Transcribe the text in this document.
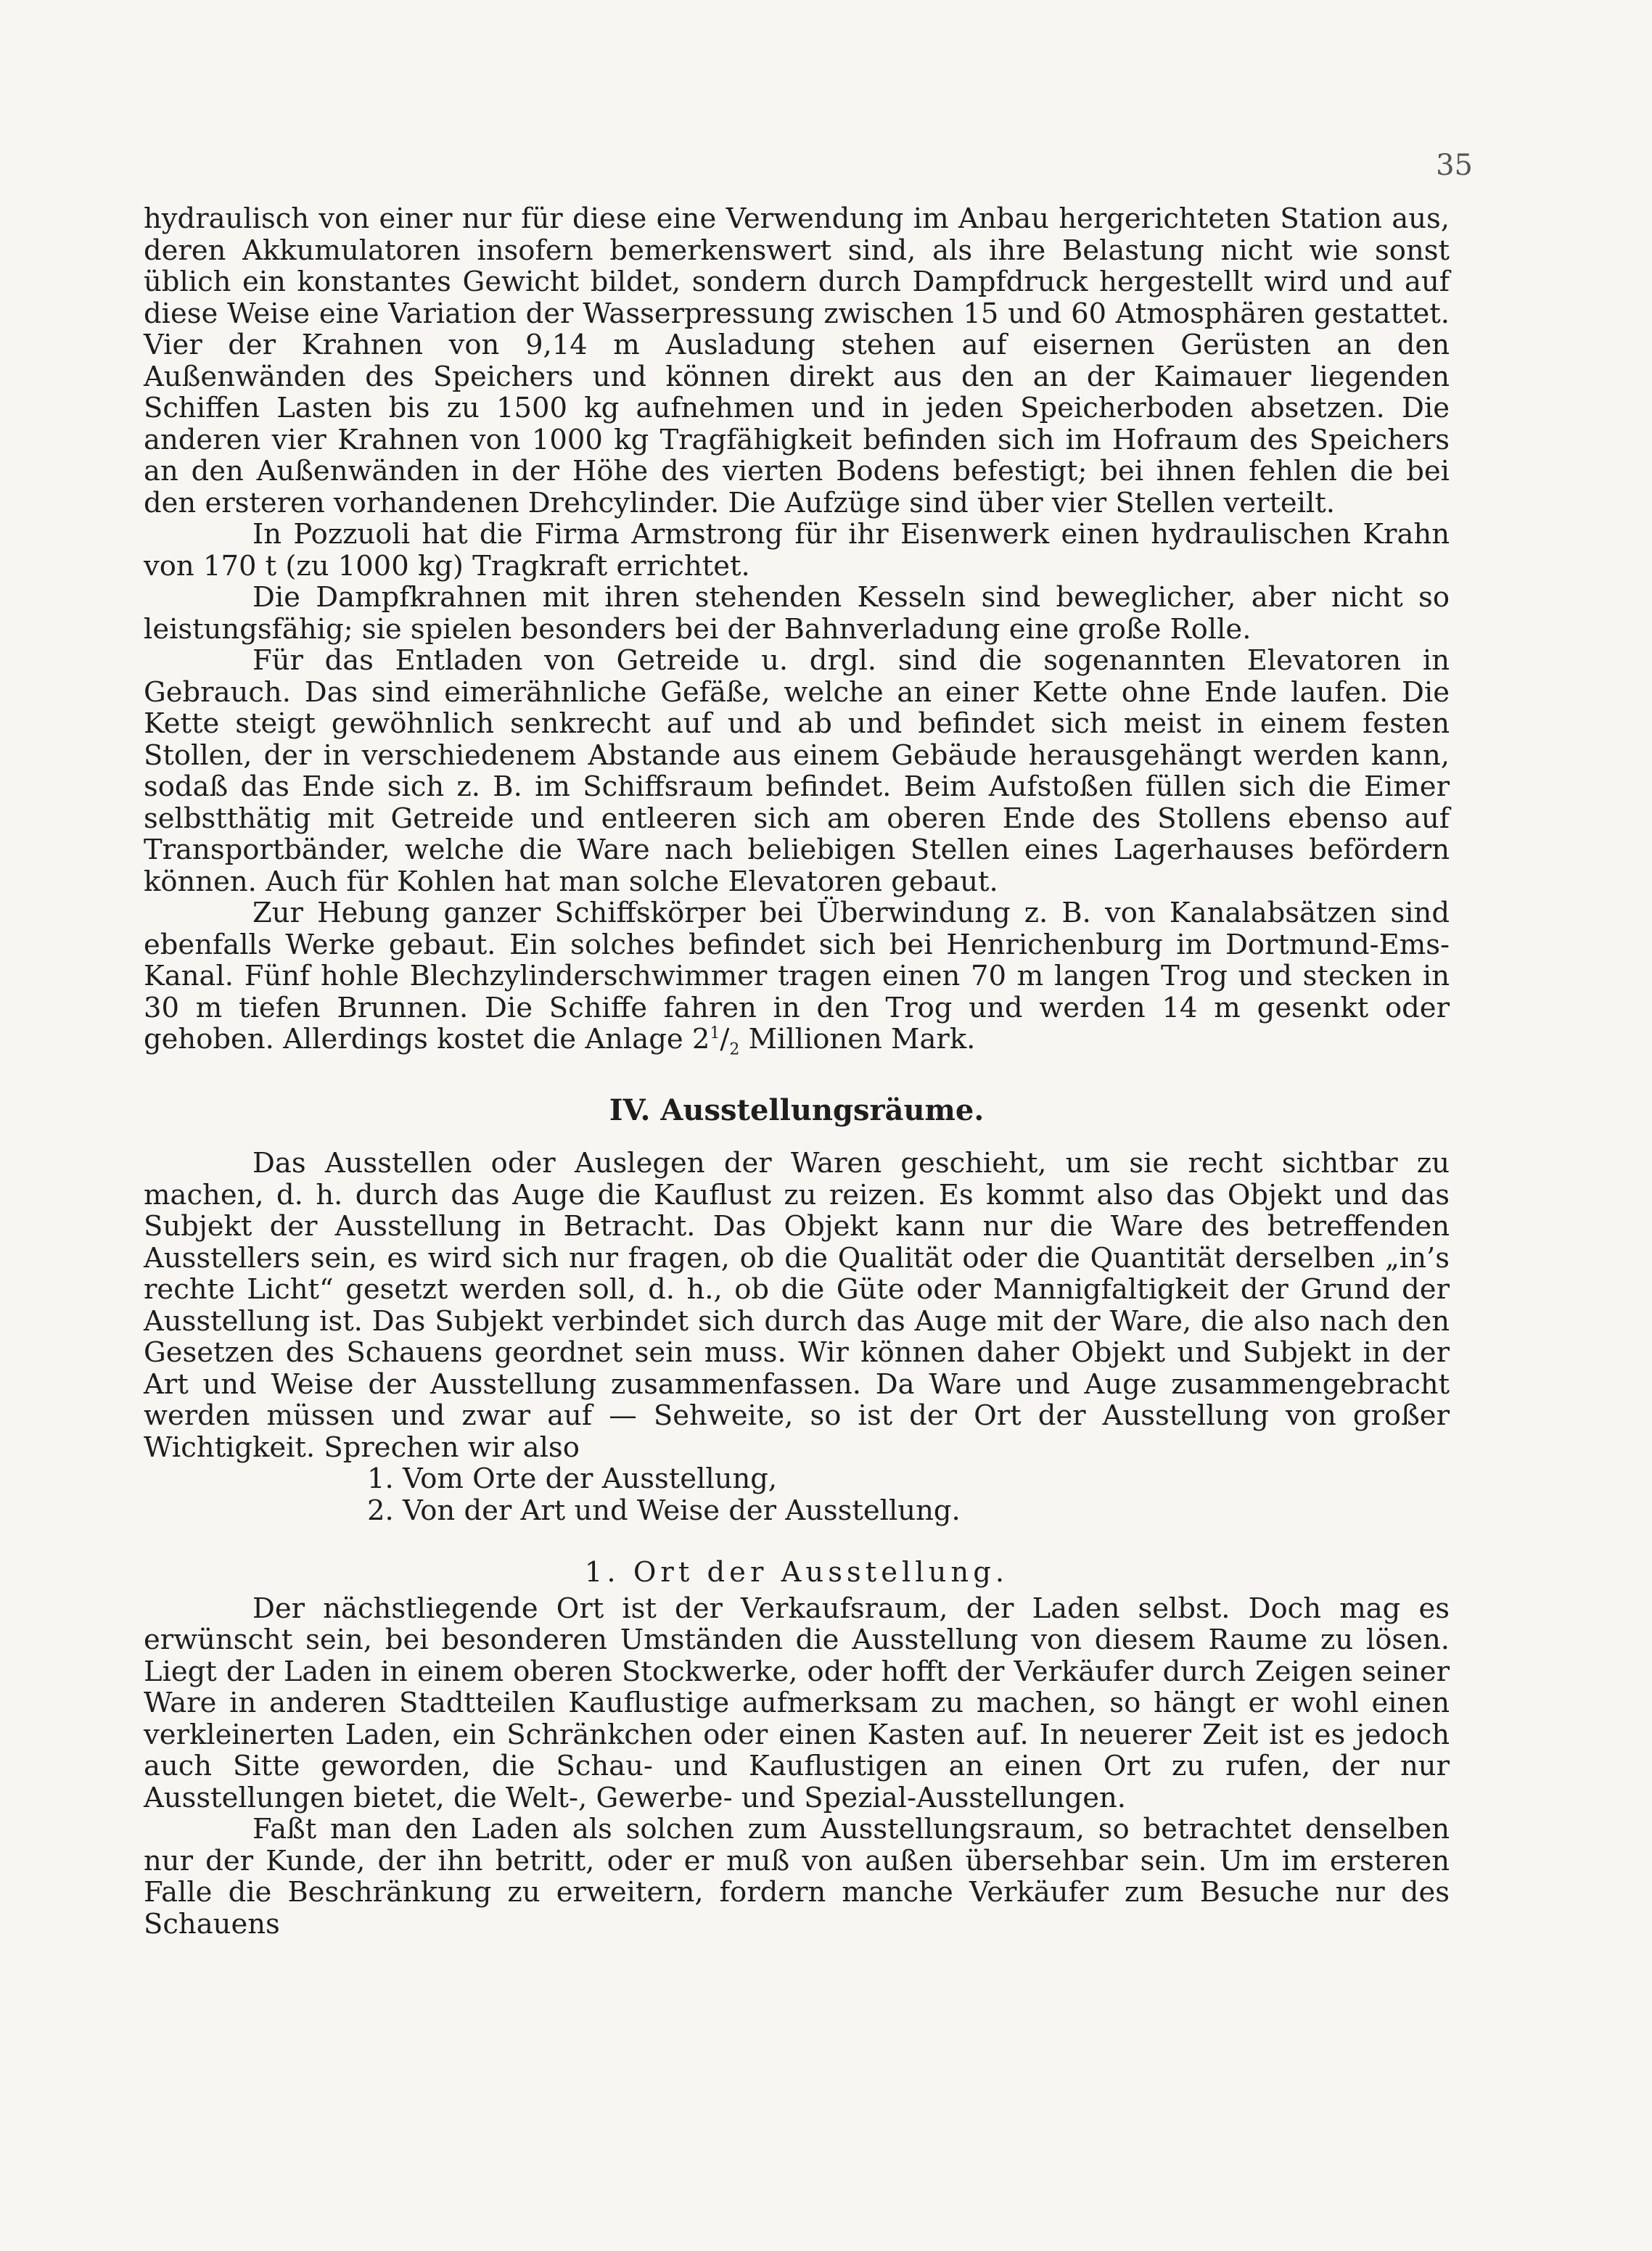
35

hydraulisch von einer nur für diese eine Verwendung im Anbau hergerichteten Station aus, deren Akkumulatoren insofern bemerkenswert sind, als ihre Belastung nicht wie sonst üblich ein konstantes Gewicht bildet, sondern durch Dampfdruck hergestellt wird und auf diese Weise eine Variation der Wasserpressung zwischen 15 und 60 Atmosphären gestattet. Vier der Krahnen von 9,14 m Ausladung stehen auf eisernen Gerüsten an den Außenwänden des Speichers und können direkt aus den an der Kaimauer liegenden Schiffen Lasten bis zu 1500 kg aufnehmen und in jeden Speicherboden absetzen. Die anderen vier Krahnen von 1000 kg Tragfähigkeit befinden sich im Hofraum des Speichers an den Außenwänden in der Höhe des vierten Bodens befestigt; bei ihnen fehlen die bei den ersteren vorhandenen Drehcylinder. Die Aufzüge sind über vier Stellen verteilt.

In Pozzuoli hat die Firma Armstrong für ihr Eisenwerk einen hydraulischen Krahn von 170 t (zu 1000 kg) Tragkraft errichtet.

Die Dampfkrahnen mit ihren stehenden Kesseln sind beweglicher, aber nicht so leistungsfähig; sie spielen besonders bei der Bahnverladung eine große Rolle.

Für das Entladen von Getreide u. drgl. sind die sogenannten Elevatoren in Gebrauch. Das sind eimerähnliche Gefäße, welche an einer Kette ohne Ende laufen. Die Kette steigt gewöhnlich senkrecht auf und ab und befindet sich meist in einem festen Stollen, der in verschiedenem Abstande aus einem Gebäude herausgehängt werden kann, sodaß das Ende sich z. B. im Schiffsraum befindet. Beim Aufstoßen füllen sich die Eimer selbstthätig mit Getreide und entleeren sich am oberen Ende des Stollens ebenso auf Transportbänder, welche die Ware nach beliebigen Stellen eines Lagerhauses befördern können. Auch für Kohlen hat man solche Elevatoren gebaut.

Zur Hebung ganzer Schiffskörper bei Überwindung z. B. von Kanalabsätzen sind ebenfalls Werke gebaut. Ein solches befindet sich bei Henrichenburg im Dortmund-Ems-Kanal. Fünf hohle Blechzylinderschwimmer tragen einen 70 m langen Trog und stecken in 30 m tiefen Brunnen. Die Schiffe fahren in den Trog und werden 14 m gesenkt oder gehoben. Allerdings kostet die Anlage $2^1/_2$ Millionen Mark.

IV. Ausstellungsräume.

Das Ausstellen oder Auslegen der Waren geschieht, um sie recht sichtbar zu machen, d. h. durch das Auge die Kauflust zu reizen. Es kommt also das Objekt und das Subjekt der Ausstellung in Betracht. Das Objekt kann nur die Ware des betreffenden Ausstellers sein, es wird sich nur fragen, ob die Qualität oder die Quantität derselben „in’s rechte Licht“ gesetzt werden soll, d. h., ob die Güte oder Mannigfaltigkeit der Grund der Ausstellung ist. Das Subjekt verbindet sich durch das Auge mit der Ware, die also nach den Gesetzen des Schauens geordnet sein muss. Wir können daher Objekt und Subjekt in der Art und Weise der Ausstellung zusammenfassen. Da Ware und Auge zusammengebracht werden müssen und zwar auf — Sehweite, so ist der Ort der Ausstellung von großer Wichtigkeit. Sprechen wir also

1. Vom Orte der Ausstellung,
2. Von der Art und Weise der Ausstellung.
1. Ort der Ausstellung.

Der nächstliegende Ort ist der Verkaufsraum, der Laden selbst. Doch mag es erwünscht sein, bei besonderen Umständen die Ausstellung von diesem Raume zu lösen. Liegt der Laden in einem oberen Stockwerke, oder hofft der Verkäufer durch Zeigen seiner Ware in anderen Stadtteilen Kauflustige aufmerksam zu machen, so hängt er wohl einen verkleinerten Laden, ein Schränkchen oder einen Kasten auf. In neuerer Zeit ist es jedoch auch Sitte geworden, die Schau- und Kauflustigen an einen Ort zu rufen, der nur Ausstellungen bietet, die Welt-, Gewerbe- und Spezial-Ausstellungen.

Faßt man den Laden als solchen zum Ausstellungsraum, so betrachtet denselben nur der Kunde, der ihn betritt, oder er muß von außen übersehbar sein. Um im ersteren Falle die Beschränkung zu erweitern, fordern manche Verkäufer zum Besuche nur des Schauens
